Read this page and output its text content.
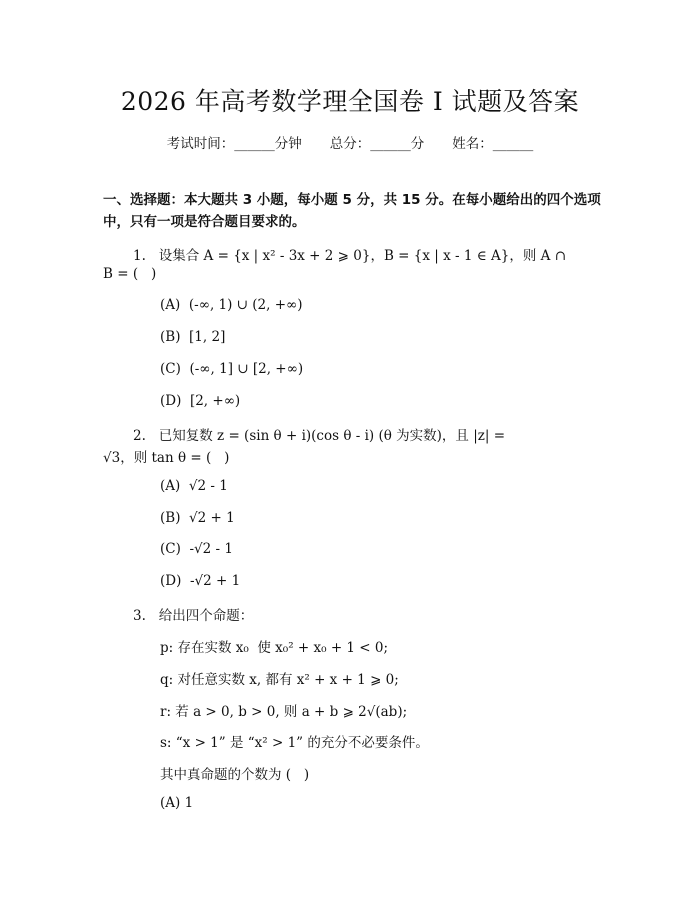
2026 年高考数学理全国卷 I 试题及答案
考试时间：______分钟 总分：______分 姓名：______
一、选择题：本大题共 3 小题，每小题 5 分，共 15 分。在每小题给出的四个选项中，只有一项是符合题目要求的。
1.   设集合 A = {x | x² - 3x + 2 ⩾ 0}，B = {x | x - 1 ∈ A}，则 A ∩
B = (   )
(A)  (-∞, 1) ∪ (2, +∞)
(B)  [1, 2]
(C)  (-∞, 1] ∪ [2, +∞)
(D)  [2, +∞)
2.   已知复数 z = (sin θ + i)(cos θ - i) (θ 为实数)，且 |z| =
√3，则 tan θ = (   )
(A)  √2 - 1
(B)  √2 + 1
(C)  -√2 - 1
(D)  -√2 + 1
3.   给出四个命题：
p: 存在实数 x₀  使 x₀² + x₀ + 1 < 0;
q: 对任意实数 x, 都有 x² + x + 1 ⩾ 0;
r: 若 a > 0, b > 0, 则 a + b ⩾ 2√(ab);
s: “x > 1” 是 “x² > 1” 的充分不必要条件。
其中真命题的个数为 (   )
(A) 1
